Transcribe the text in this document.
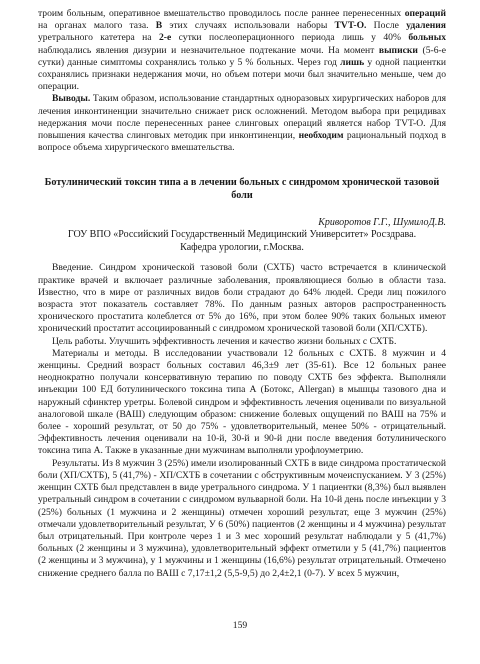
троим больным, оперативное вмешательство проводилось после раннее перенесенных операций на органах малого таза. В этих случаях использовали наборы TVT-O. После удаления уретрального катетера на 2-е сутки послеоперационного периода лишь у 40% больных наблюдались явления дизурии и незначительное подтекание мочи. На момент выписки (5-6-е сутки) данные симптомы сохранялись только у 5 % больных. Через год лишь у одной пациентки сохранялись признаки недержания мочи, но объем потери мочи был значительно меньше, чем до операции.

Выводы. Таким образом, использование стандартных одноразовых хирургических наборов для лечения инконтиненции значительно снижает риск осложнений. Методом выбора при рецидивах недержания мочи после перенесенных ранее слинговых операций является набор TVT-O. Для повышения качества слинговых методик при инконтиненции, необходим рациональный подход в вопросе объема хирургического вмешательства.

Ботулинический токсин типа а в лечении больных с синдромом хронической тазовой боли
Криворотов Г.Г., ШумилоД.В.
ГОУ ВПО «Российский Государственный Медицинский Университет» Росздрава.
Кафедра урологии, г.Москва.

Введение. Синдром хронической тазовой боли (СХТБ) часто встречается в клинической практике врачей и включает различные заболевания, проявляющиеся болью в области таза. Известно, что в мире от различных видов боли страдают до 64% людей. Среди лиц пожилого возраста этот показатель составляет 78%. По данным разных авторов распространенность хронического простатита колеблется от 5% до 16%, при этом более 90% таких больных имеют хронический простатит ассоциированный с синдромом хронической тазовой боли (ХП/СХТБ).

Цель работы. Улучшить эффективность лечения и качество жизни больных с СХТБ.

Материалы и методы. В исследовании участвовали 12 больных с СХТБ. 8 мужчин и 4 женщины. Средний возраст больных составил 46,3±9 лет (35-61). Все 12 больных ранее неоднократно получали консервативную терапию по поводу СХТБ без эффекта. Выполняли инъекции 100 ЕД ботулинического токсина типа А (Ботокс, Allergan) в мышцы тазового дна и наружный сфинктер уретры. Болевой синдром и эффективность лечения оценивали по визуальной аналоговой шкале (ВАШ) следующим образом: снижение болевых ощущений по ВАШ на 75% и более - хороший результат, от 50 до 75% - удовлетворительный, менее 50% - отрицательный. Эффективность лечения оценивали на 10-й, 30-й и 90-й дни после введения ботулинического токсина типа А. Также в указанные дни мужчинам выполняли урофлоуметрию.

Результаты. Из 8 мужчин 3 (25%) имели изолированный СХТБ в виде синдрома простатической боли (ХП/СХТБ), 5 (41,7%) - ХП/СХТБ в сочетании с обструктивным мочеиспусканием. У 3 (25%) женщин СХТБ был представлен в виде уретрального синдрома. У 1 пациентки (8,3%) был выявлен уретральный синдром в сочетании с синдромом вульварной боли. На 10-й день после инъекции у 3 (25%) больных (1 мужчина и 2 женщины) отмечен хороший результат, еще 3 мужчин (25%) отмечали удовлетворительный результат, У 6 (50%) пациентов (2 женщины и 4 мужчина) результат был отрицательный. При контроле через 1 и 3 мес хороший результат наблюдали у 5 (41,7%) больных (2 женщины и 3 мужчина), удовлетворительный эффект отметили у 5 (41,7%) пациентов (2 женщины и 3 мужчина), у 1 мужчины и 1 женщины (16,6%) результат отрицательный. Отмечено снижение среднего балла по ВАШ с 7,17±1,2 (5,5-9,5) до 2,4±2,1 (0-7). У всех 5 мужчин,

159
